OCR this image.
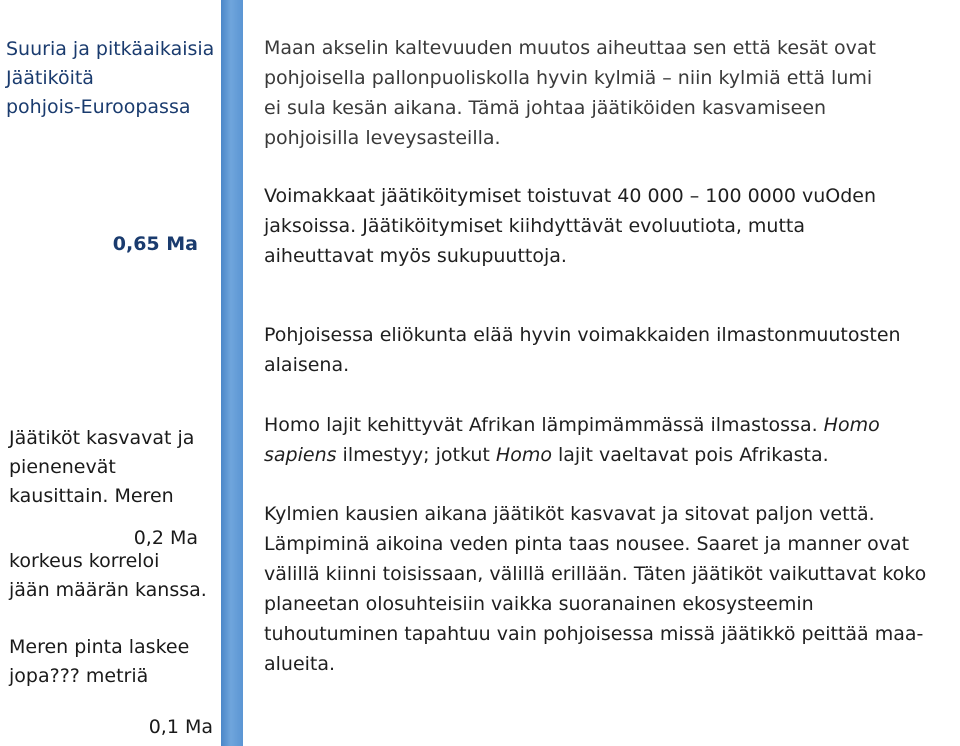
Suuria ja pitkäaikaisia
Jäätiköitä
pohjois-Euroopassa
0,65 Ma
Jäätiköt kasvavat ja
pienenevät
kausittain. Meren
0,2 Ma
korkeus korreloi
jään määrän kanssa.
Meren pinta laskee
jopa??? metriä
0,1 Ma
Maan akselin kaltevuuden muutos aiheuttaa sen että kesät ovat
pohjoisella pallonpuoliskolla hyvin kylmiä – niin kylmiä että lumi
ei sula kesän aikana. Tämä johtaa jäätiköiden kasvamiseen
pohjoisilla leveysasteilla.
Voimakkaat jäätiköitymiset toistuvat 40 000 – 100 0000 vuOden
jaksoissa. Jäätiköitymiset kiihdyttävät evoluutiota, mutta
aiheuttavat myös sukupuuttoja.
Pohjoisessa eliökunta elää hyvin voimakkaiden ilmastonmuutosten
alaisena.
Homo lajit kehittyvät Afrikan lämpimämmässä ilmastossa. Homo
sapiens ilmestyy; jotkut Homo lajit vaeltavat pois Afrikasta.
Kylmien kausien aikana jäätiköt kasvavat ja sitovat paljon vettä.
Lämpiminä aikoina veden pinta taas nousee. Saaret ja manner ovat
välillä kiinni toisissaan, välillä erillään. Täten jäätiköt vaikuttavat koko
planeetan olosuhteisiin vaikka suoranainen ekosysteemin
tuhoutuminen tapahtuu vain pohjoisessa missä jäätikkö peittää maa-
alueita.
